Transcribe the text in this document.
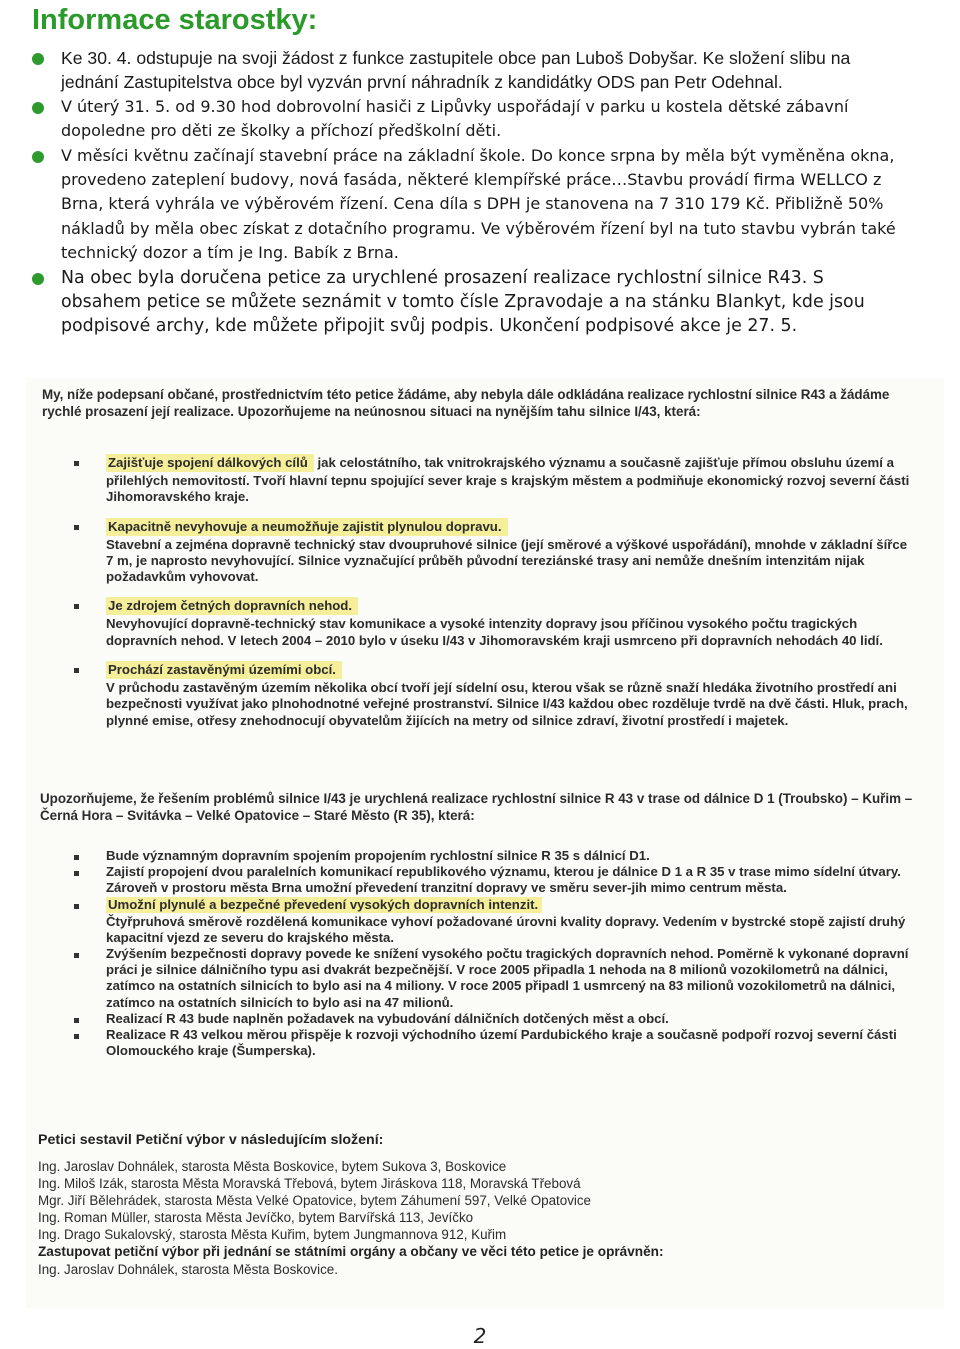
Informace starostky:
Ke 30. 4. odstupuje na svoji žádost z funkce zastupitele obce pan Luboš Dobyšar. Ke složení slibu na jednání Zastupitelstva obce byl vyzván první náhradník z kandidátky ODS pan Petr Odehnal.
V úterý 31. 5. od 9.30 hod dobrovolní hasiči z Lipůvky uspořádají v parku u kostela dětské zábavní dopoledne pro děti ze školky a příchozí předškolní děti.
V měsíci květnu začínají stavební práce na základní škole. Do konce srpna by měla být vyměněna okna, provedeno zateplení budovy, nová fasáda, některé klempířské práce…Stavbu provádí firma WELLCO z Brna, která vyhrála ve výběrovém řízení. Cena díla s DPH je stanovena na 7 310 179 Kč. Přibližně 50% nákladů by měla obec získat z dotačního programu. Ve výběrovém řízení byl na tuto stavbu vybrán také technický dozor a tím je Ing. Babík z Brna.
Na obec byla doručena petice za urychlené prosazení realizace rychlostní silnice R43. S obsahem petice se můžete seznámit v tomto čísle Zpravodaje a na stánku Blankyt, kde jsou podpisové archy, kde můžete připojit svůj podpis. Ukončení podpisové akce je 27. 5.

My, níže podepsaní občané, prostřednictvím této petice žádáme, aby nebyla dále odkládána realizace rychlostní silnice R43 a žádáme rychlé prosazení její realizace. Upozorňujeme na neúnosnou situaci na nynějším tahu silnice I/43, která:

Zajišťuje spojení dálkových cílů jak celostátního, tak vnitrokrajského významu a současně zajišťuje přímou obsluhu území a přilehlých nemovitostí. Tvoří hlavní tepnu spojující sever kraje s krajským městem a podmiňuje ekonomický rozvoj severní části Jihomoravského kraje.

Kapacitně nevyhovuje a neumožňuje zajistit plynulou dopravu.

Stavební a zejména dopravně technický stav dvoupruhové silnice (její směrové a výškové uspořádání), mnohde v základní šířce 7 m, je naprosto nevyhovující. Silnice vyznačující průběh původní tereziánské trasy ani nemůže dnešním intenzitám nijak požadavkům vyhovovat.

Je zdrojem četných dopravních nehod.

Nevyhovující dopravně-technický stav komunikace a vysoké intenzity dopravy jsou příčinou vysokého počtu tragických dopravních nehod. V letech 2004 – 2010 bylo v úseku I/43 v Jihomoravském kraji usmrceno při dopravních nehodách 40 lidí.

Prochází zastavěnými územími obcí.

V průchodu zastavěným územím několika obcí tvoří její sídelní osu, kterou však se různě snaží hledáka životního prostředí ani bezpečnosti využívat jako plnohodnotné veřejné prostranství. Silnice I/43 každou obec rozděluje tvrdě na dvě části. Hluk, prach, plynné emise, otřesy znehodnocují obyvatelům žijících na metry od silnice zdraví, životní prostředí i majetek.

Upozorňujeme, že řešením problémů silnice I/43 je urychlená realizace rychlostní silnice R 43 v trase od dálnice D 1 (Troubsko) – Kuřim – Černá Hora – Svitávka – Velké Opatovice – Staré Město (R 35), která:

Bude významným dopravním spojením propojením rychlostní silnice R 35 s dálnicí D1.
Zajistí propojení dvou paralelních komunikací republikového významu, kterou je dálnice D 1 a R 35 v trase mimo sídelní útvary. Zároveň v prostoru města Brna umožní převedení tranzitní dopravy ve směru sever-jih mimo centrum města.
Umožní plynulé a bezpečné převedení vysokých dopravních intenzit.
Čtyřpruhová směrově rozdělená komunikace vyhoví požadované úrovni kvality dopravy. Vedením v bystrcké stopě zajistí druhý kapacitní vjezd ze severu do krajského města.
Zvýšením bezpečnosti dopravy povede ke snížení vysokého počtu tragických dopravních nehod. Poměrně k vykonané dopravní práci je silnice dálničního typu asi dvakrát bezpečnější. V roce 2005 připadla 1 nehoda na 8 milionů vozokilometrů na dálnici, zatímco na ostatních silnicích to bylo asi na 4 miliony. V roce 2005 připadl 1 usmrcený na 83 milionů vozokilometrů na dálnici, zatímco na ostatních silnicích to bylo asi na 47 milionů.
Realizací R 43 bude naplněn požadavek na vybudování dálničních dotčených měst a obcí.
Realizace R 43 velkou měrou přispěje k rozvoji východního území Pardubického kraje a současně podpoří rozvoj severní části Olomouckého kraje (Šumperska).

Petici sestavil Petiční výbor v následujícím složení:

Ing. Jaroslav Dohnálek, starosta Města Boskovice, bytem Sukova 3, Boskovice
Ing. Miloš Izák, starosta Města Moravská Třebová, bytem Jiráskova 118, Moravská Třebová
Mgr. Jiří Bělehrádek, starosta Města Velké Opatovice, bytem Záhumení 597, Velké Opatovice
Ing. Roman Müller, starosta Města Jevíčko, bytem Barvířská 113, Jevíčko
Ing. Drago Sukalovský, starosta Města Kuřim, bytem Jungmannova 912, Kuřim

Zastupovat petiční výbor při jednání se státními orgány a občany ve věci této petice je oprávněn:

Ing. Jaroslav Dohnálek, starosta Města Boskovice.

2
